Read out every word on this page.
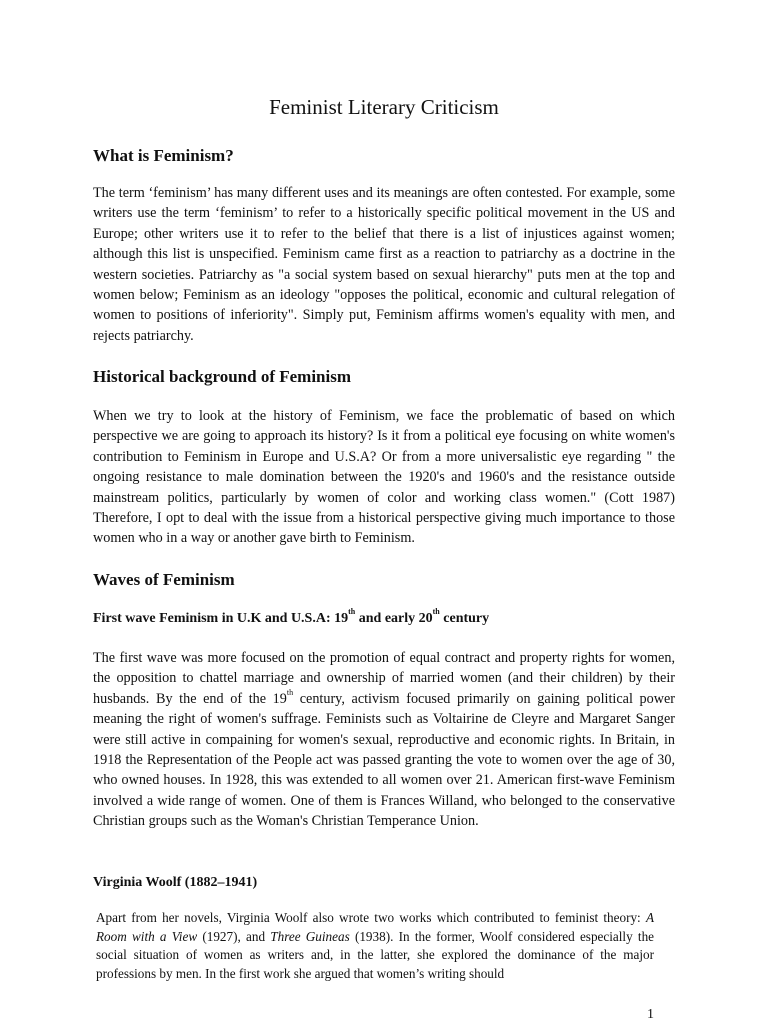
Feminist Literary Criticism
What is Feminism?

The term ‘feminism’ has many different uses and its meanings are often contested. For example, some writers use the term ‘feminism’ to refer to a historically specific political movement in the US and Europe; other writers use it to refer to the belief that there is a list of injustices against women; although this list is unspecified. Feminism came first as a reaction to patriarchy as a doctrine in the western societies. Patriarchy as "a social system based on sexual hierarchy" puts men at the top and women below; Feminism as an ideology "opposes the political, economic and cultural relegation of women to positions of inferiority". Simply put, Feminism affirms women's equality with men, and rejects patriarchy.

Historical background of Feminism

When we try to look at the history of Feminism, we face the problematic of based on which perspective we are going to approach its history? Is it from a political eye focusing on white women's contribution to Feminism in Europe and U.S.A? Or from a more universalistic eye regarding " the ongoing resistance to male domination between the 1920's and 1960's and the resistance outside mainstream politics, particularly by women of color and working class women." (Cott 1987) Therefore, I opt to deal with the issue from a historical perspective giving much importance to those women who in a way or another gave birth to Feminism.

Waves of Feminism
First wave Feminism in U.K and U.S.A: 19th and early 20th century

The first wave was more focused on the promotion of equal contract and property rights for women, the opposition to chattel marriage and ownership of married women (and their children) by their husbands. By the end of the 19th century, activism focused primarily on gaining political power meaning the right of women's suffrage. Feminists such as Voltairine de Cleyre and Margaret Sanger were still active in compaining for women's sexual, reproductive and economic rights. In Britain, in 1918 the Representation of the People act was passed granting the vote to women over the age of 30, who owned houses. In 1928, this was extended to all women over 21. American first-wave Feminism involved a wide range of women. One of them is Frances Willand, who belonged to the conservative Christian groups such as the Woman's Christian Temperance Union.

Virginia Woolf (1882–1941)

Apart from her novels, Virginia Woolf also wrote two works which contributed to feminist theory: A Room with a View (1927), and Three Guineas (1938). In the former, Woolf considered especially the social situation of women as writers and, in the latter, she explored the dominance of the major professions by men. In the first work she argued that women’s writing should

1
